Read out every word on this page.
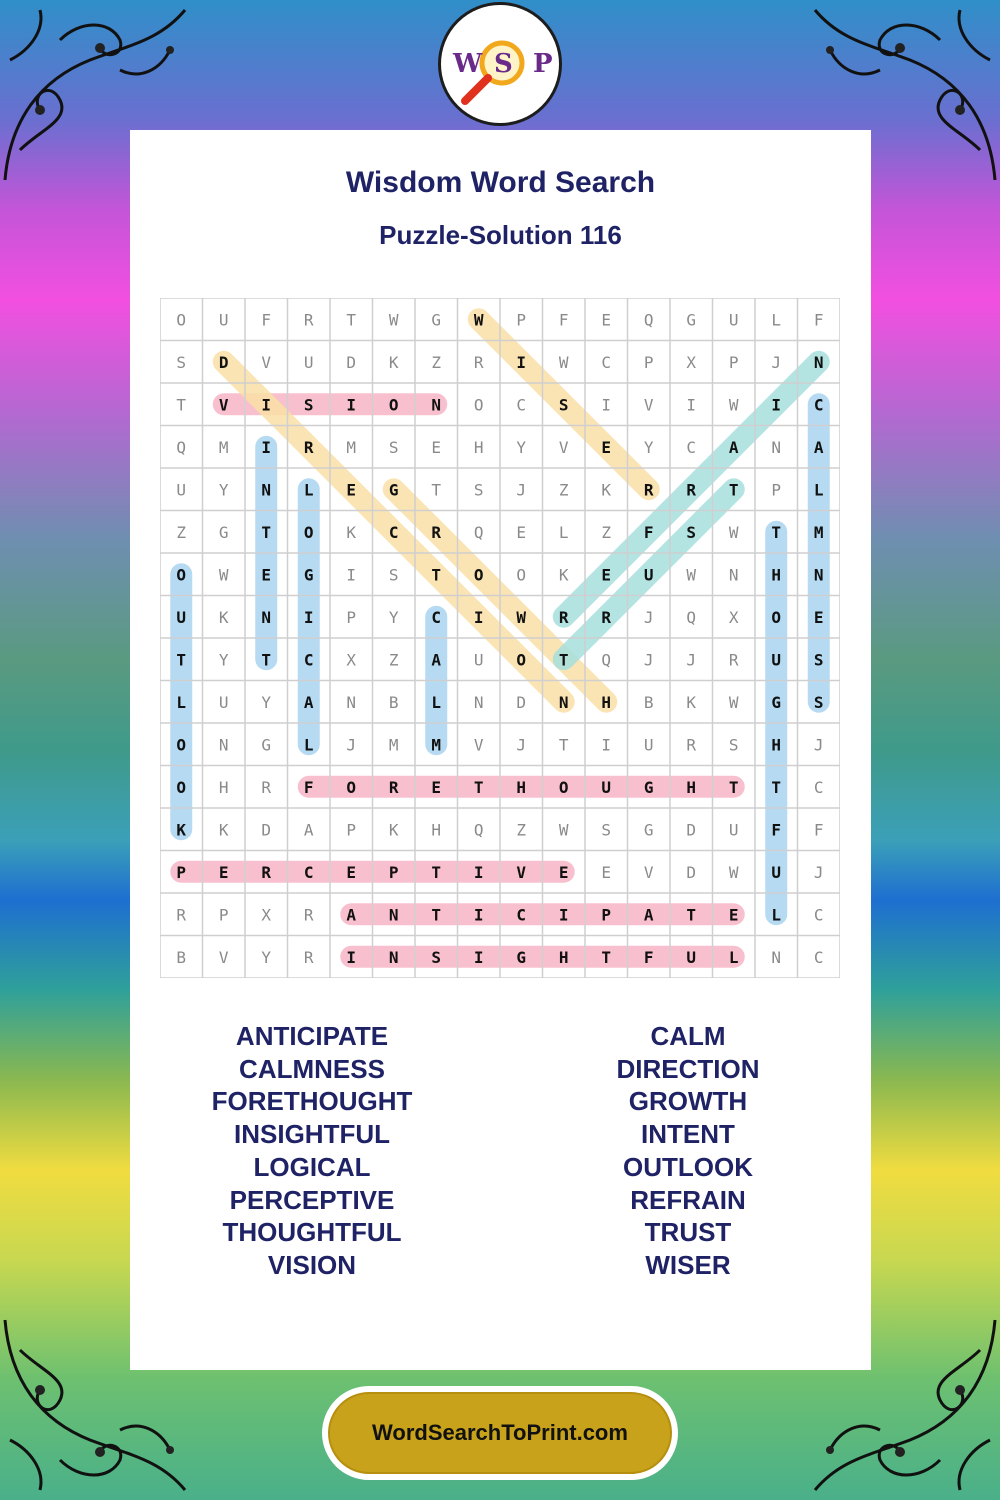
W S P
Wisdom Word Search
Puzzle-Solution 116
O U F R T W G W P F E Q G U L F
S D V U D K Z R I W C P X P J N
T V I S I O N O C S I V I W I C
Q M I R M S E H Y V E Y C A N A
U Y N L E G T S J Z K R R T P L
Z G T O K C R Q E L Z F S W T M
O W E G I S T O O K E U W N H N
U K N I P Y C I W R R J Q X O E
T Y T C X Z A U O T Q J J R U S
L U Y A N B L N D N H B K W G S
O N G L J M M V J T I U R S H J
O H R F O R E T H O U G H T T C
K K D A P K H Q Z W S G D U F F
P E R C E P T I V E E V D W U J
R P X R A N T I C I P A T E L C
B V Y R I N S I G H T F U L N C
ANTICIPATE
CALMNESS
FORETHOUGHT
INSIGHTFUL
LOGICAL
PERCEPTIVE
THOUGHTFUL
VISION
CALM
DIRECTION
GROWTH
INTENT
OUTLOOK
REFRAIN
TRUST
WISER
WordSearchToPrint.com
